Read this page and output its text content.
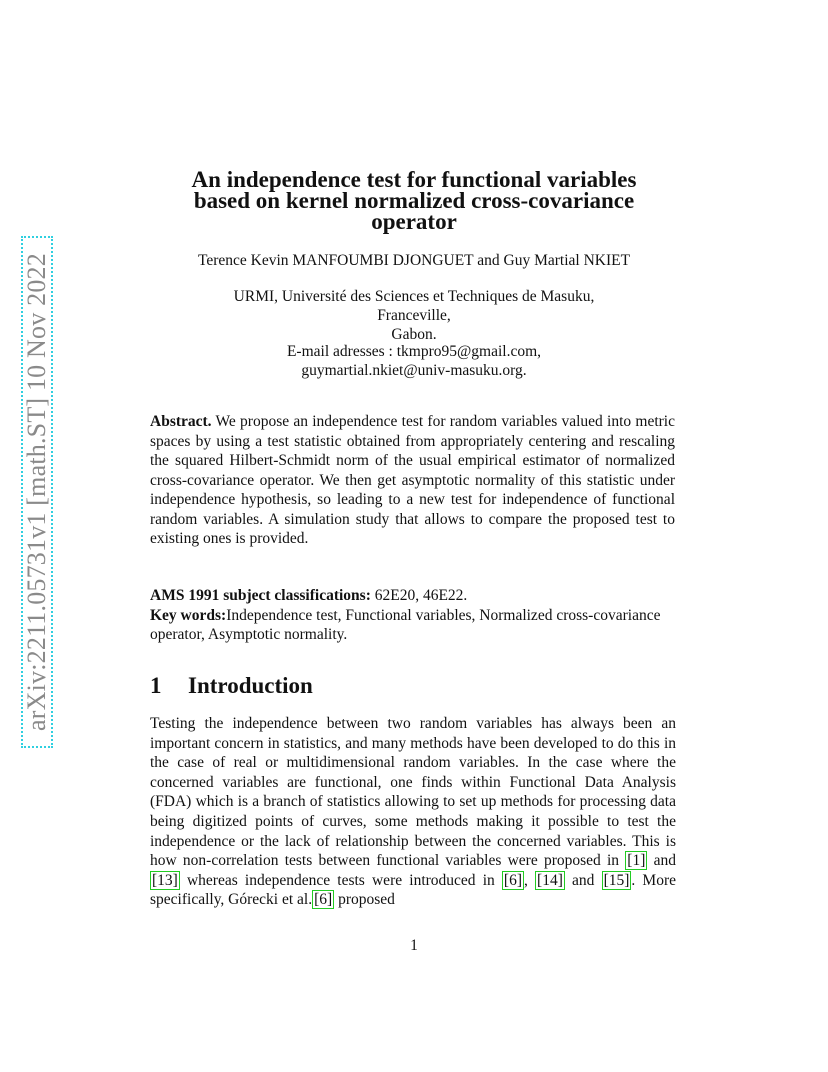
arXiv:2211.05731v1 [math.ST] 10 Nov 2022
An independence test for functional variables
based on kernel normalized cross-covariance
operator
Terence Kevin MANFOUMBI DJONGUET and Guy Martial NKIET
URMI, Université des Sciences et Techniques de Masuku, Franceville,
Gabon.
E-mail adresses : tkmpro95@gmail.com,
guymartial.nkiet@univ-masuku.org.
Abstract. We propose an independence test for random variables valued into metric spaces by using a test statistic obtained from appropriately centering and rescaling the squared Hilbert-Schmidt norm of the usual empirical estimator of normalized cross-covariance operator. We then get asymptotic normality of this statistic under independence hypothesis, so leading to a new test for independence of functional random variables. A simulation study that allows to compare the proposed test to existing ones is provided.
AMS 1991 subject classifications: 62E20, 46E22.
Key words:Independence test, Functional variables, Normalized cross-covariance operator, Asymptotic normality.
1 Introduction
Testing the independence between two random variables has always been an important concern in statistics, and many methods have been developed to do this in the case of real or multidimensional random variables. In the case where the concerned variables are functional, one finds within Functional Data Analysis (FDA) which is a branch of statistics allowing to set up methods for processing data being digitized points of curves, some methods making it possible to test the independence or the lack of relationship between the concerned variables. This is how non-correlation tests between functional variables were proposed in [1] and [13] whereas independence tests were introduced in [6] , [14] and [15] . More specifically, Górecki et al. [6] proposed
1
